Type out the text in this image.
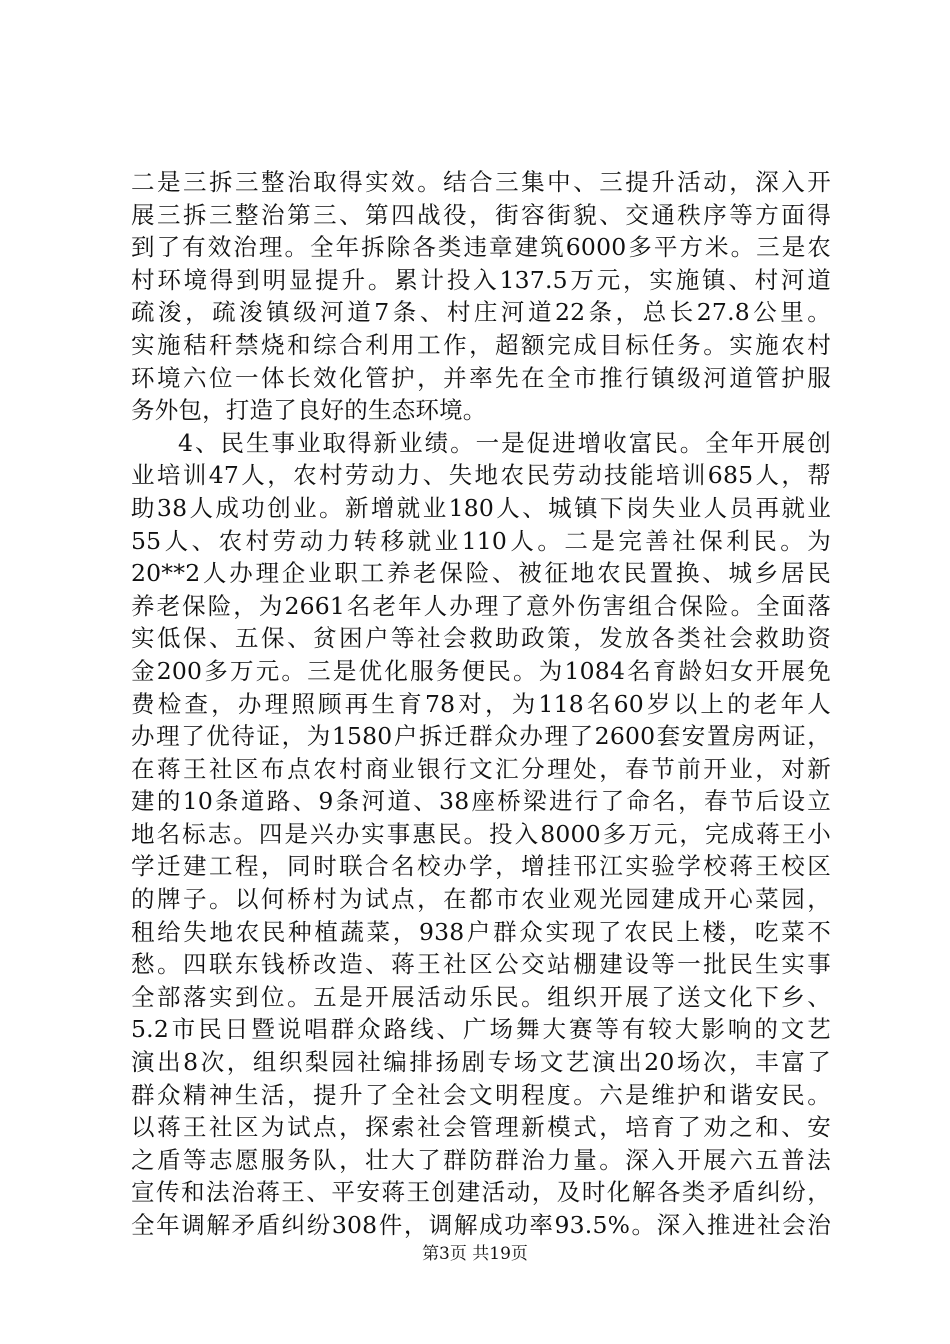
二是三拆三整治取得实效。结合三集中、三提升活动，深入开
展三拆三整治第三、第四战役，街容街貌、交通秩序等方面得
到了有效治理。全年拆除各类违章建筑6000多平方米。三是农
村环境得到明显提升。累计投入137.5万元，实施镇、村河道
疏浚，疏浚镇级河道7条、村庄河道22条，总长27.8公里。
实施秸秆禁烧和综合利用工作，超额完成目标任务。实施农村
环境六位一体长效化管护，并率先在全市推行镇级河道管护服
务外包，打造了良好的生态环境。
4、民生事业取得新业绩。一是促进增收富民。全年开展创
业培训47人，农村劳动力、失地农民劳动技能培训685人，帮
助38人成功创业。新增就业180人、城镇下岗失业人员再就业
55人、农村劳动力转移就业110人。二是完善社保利民。为
20**2人办理企业职工养老保险、被征地农民置换、城乡居民
养老保险，为2661名老年人办理了意外伤害组合保险。全面落
实低保、五保、贫困户等社会救助政策，发放各类社会救助资
金200多万元。三是优化服务便民。为1084名育龄妇女开展免
费检查，办理照顾再生育78对，为118名60岁以上的老年人
办理了优待证，为1580户拆迁群众办理了2600套安置房两证，
在蒋王社区布点农村商业银行文汇分理处，春节前开业，对新
建的10条道路、9条河道、38座桥梁进行了命名，春节后设立
地名标志。四是兴办实事惠民。投入8000多万元，完成蒋王小
学迁建工程，同时联合名校办学，增挂邗江实验学校蒋王校区
的牌子。以何桥村为试点，在都市农业观光园建成开心菜园，
租给失地农民种植蔬菜，938户群众实现了农民上楼，吃菜不
愁。四联东钱桥改造、蒋王社区公交站棚建设等一批民生实事
全部落实到位。五是开展活动乐民。组织开展了送文化下乡、
5.2市民日暨说唱群众路线、广场舞大赛等有较大影响的文艺
演出8次，组织梨园社编排扬剧专场文艺演出20场次，丰富了
群众精神生活，提升了全社会文明程度。六是维护和谐安民。
以蒋王社区为试点，探索社会管理新模式，培育了劝之和、安
之盾等志愿服务队，壮大了群防群治力量。深入开展六五普法
宣传和法治蒋王、平安蒋王创建活动，及时化解各类矛盾纠纷，
全年调解矛盾纠纷308件，调解成功率93.5%。深入推进社会治
第3页 共19页
